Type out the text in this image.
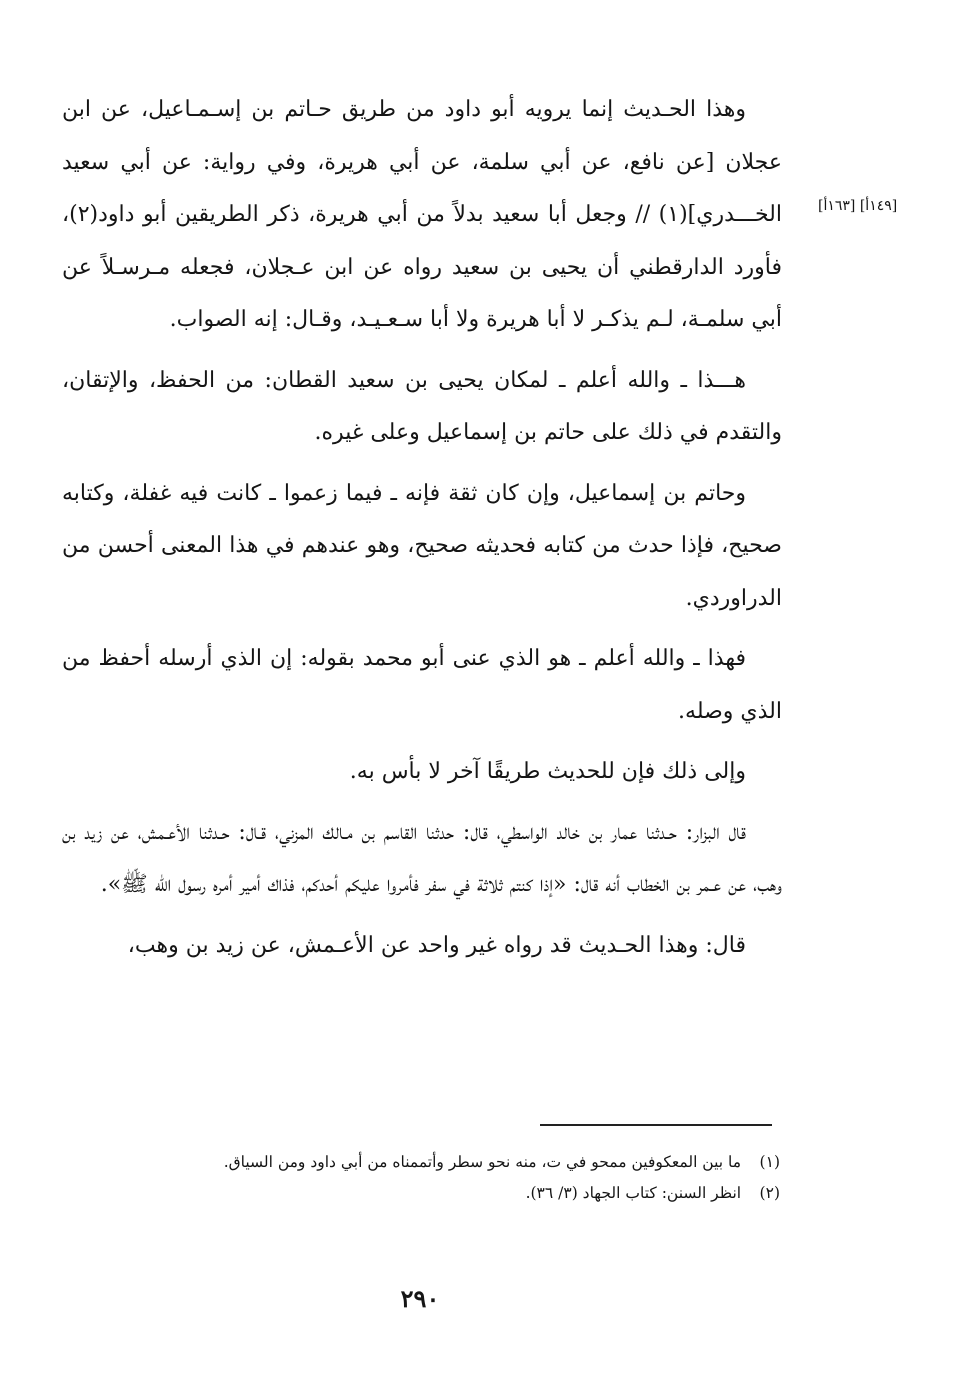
[١٤٩أ] [١٦٣أ]

وهذا الحـديث إنما يرويه أبو داود من طريق حـاتم بن إسـمـاعيل، عن ابن عجلان [عن نافع، عن أبي سلمة، عن أبي هريرة، وفي رواية: عن أبي سعيد الخـــدري](١) // وجعل أبا سعيد بدلاً من أبي هريرة، ذكر الطريقين أبو داود(٢)، فأورد الدارقطني أن يحيى بن سعيد رواه عن ابن عـجلان، فجعله مـرسـلاً عن أبي سلمـة، لـم يذكـر لا أبا هريرة ولا أبا سـعـيـد، وقـال: إنه الصواب.

هـــذا ـ والله أعلم ـ لمكان يحيى بن سعيد القطان: من الحفظ، والإتقان، والتقدم في ذلك على حاتم بن إسماعيل وعلى غيره.

وحاتم بن إسماعيل، وإن كان ثقة فإنه ـ فيما زعموا ـ كانت فيه غفلة، وكتابه صحيح، فإذا حدث من كتابه فحديثه صحيح، وهو عندهم في هذا المعنى أحسن من الدراوردي.

فهذا ـ والله أعلم ـ هو الذي عنى أبو محمد بقوله: إن الذي أرسله أحفظ من الذي وصله.

وإلى ذلك فإن للحديث طريقًا آخر لا بأس به.

قال البزار: حـدثنا عمار بن خالد الواسطي، قال: حدثنا القاسم بن مـالك المزني، قـال: حـدثنا الأعـمش، عن زيد بن وهب، عن عـمر بن الخطاب أنه قال: «إذا كنتم ثلاثة في سفر فأمروا عليكم أحدكم، فذاك أمير أمره رسول الله ﷺ».

قال: وهذا الحـديث قد رواه غير واحد عن الأعـمش، عن زيد بن وهب،

(١) ما بين المعكوفين ممحو في ت، منه نحو سطر وأتممناه من أبي داود ومن السياق.

(٢) انظر السنن: كتاب الجهاد (٣/ ٣٦).

٢٩٠
